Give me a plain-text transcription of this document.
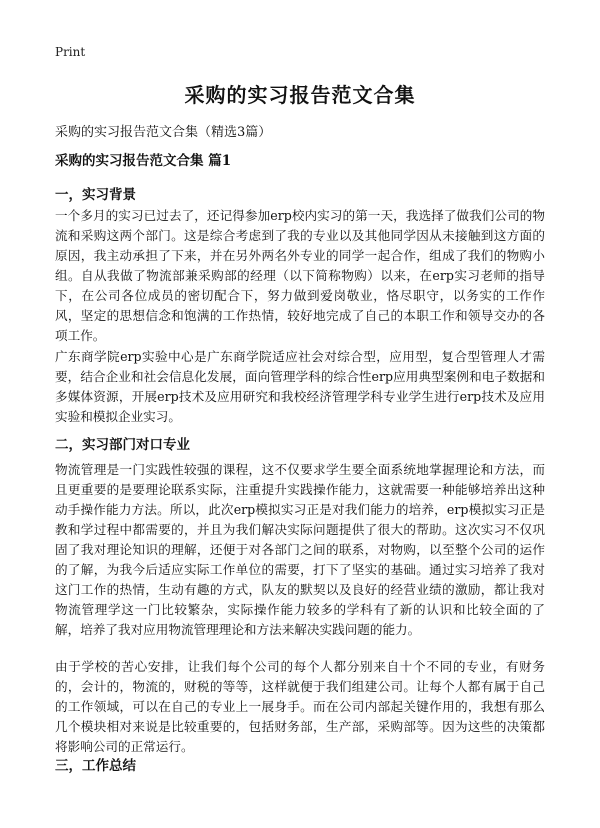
Print
采购的实习报告范文合集
采购的实习报告范文合集（精选3篇）
采购的实习报告范文合集 篇1
一，实习背景
一个多月的实习已过去了，还记得参加erp校内实习的第一天，我选择了做我们公司的物流和采购这两个部门。这是综合考虑到了我的专业以及其他同学因从未接触到这方面的原因，我主动承担了下来，并在另外两名外专业的同学一起合作，组成了我们的物购小组。自从我做了物流部兼采购部的经理（以下简称物购）以来，在erp实习老师的指导下，在公司各位成员的密切配合下，努力做到爱岗敬业，恪尽职守，以务实的工作作风，坚定的思想信念和饱满的工作热情，较好地完成了自己的本职工作和领导交办的各项工作。
广东商学院erp实验中心是广东商学院适应社会对综合型，应用型，复合型管理人才需要，结合企业和社会信息化发展，面向管理学科的综合性erp应用典型案例和电子数据和多媒体资源，开展erp技术及应用研究和我校经济管理学科专业学生进行erp技术及应用实验和模拟企业实习。
二，实习部门对口专业
物流管理是一门实践性较强的课程，这不仅要求学生要全面系统地掌握理论和方法，而且更重要的是要理论联系实际，注重提升实践操作能力，这就需要一种能够培养出这种动手操作能力方法。所以，此次erp模拟实习正是对我们能力的培养，erp模拟实习正是教和学过程中都需要的，并且为我们解决实际问题提供了很大的帮助。这次实习不仅巩固了我对理论知识的理解，还便于对各部门之间的联系，对物购，以至整个公司的运作的了解，为我今后适应实际工作单位的需要，打下了坚实的基础。通过实习培养了我对这门工作的热情，生动有趣的方式，队友的默契以及良好的经营业绩的激励，都让我对物流管理学这一门比较繁杂，实际操作能力较多的学科有了新的认识和比较全面的了解，培养了我对应用物流管理理论和方法来解决实践问题的能力。
由于学校的苦心安排，让我们每个公司的每个人都分别来自十个不同的专业，有财务的，会计的，物流的，财税的等等，这样就便于我们组建公司。让每个人都有属于自己的工作领域，可以在自己的专业上一展身手。而在公司内部起关键作用的，我想有那么几个模块相对来说是比较重要的，包括财务部，生产部，采购部等。因为这些的决策都将影响公司的正常运行。
三，工作总结
